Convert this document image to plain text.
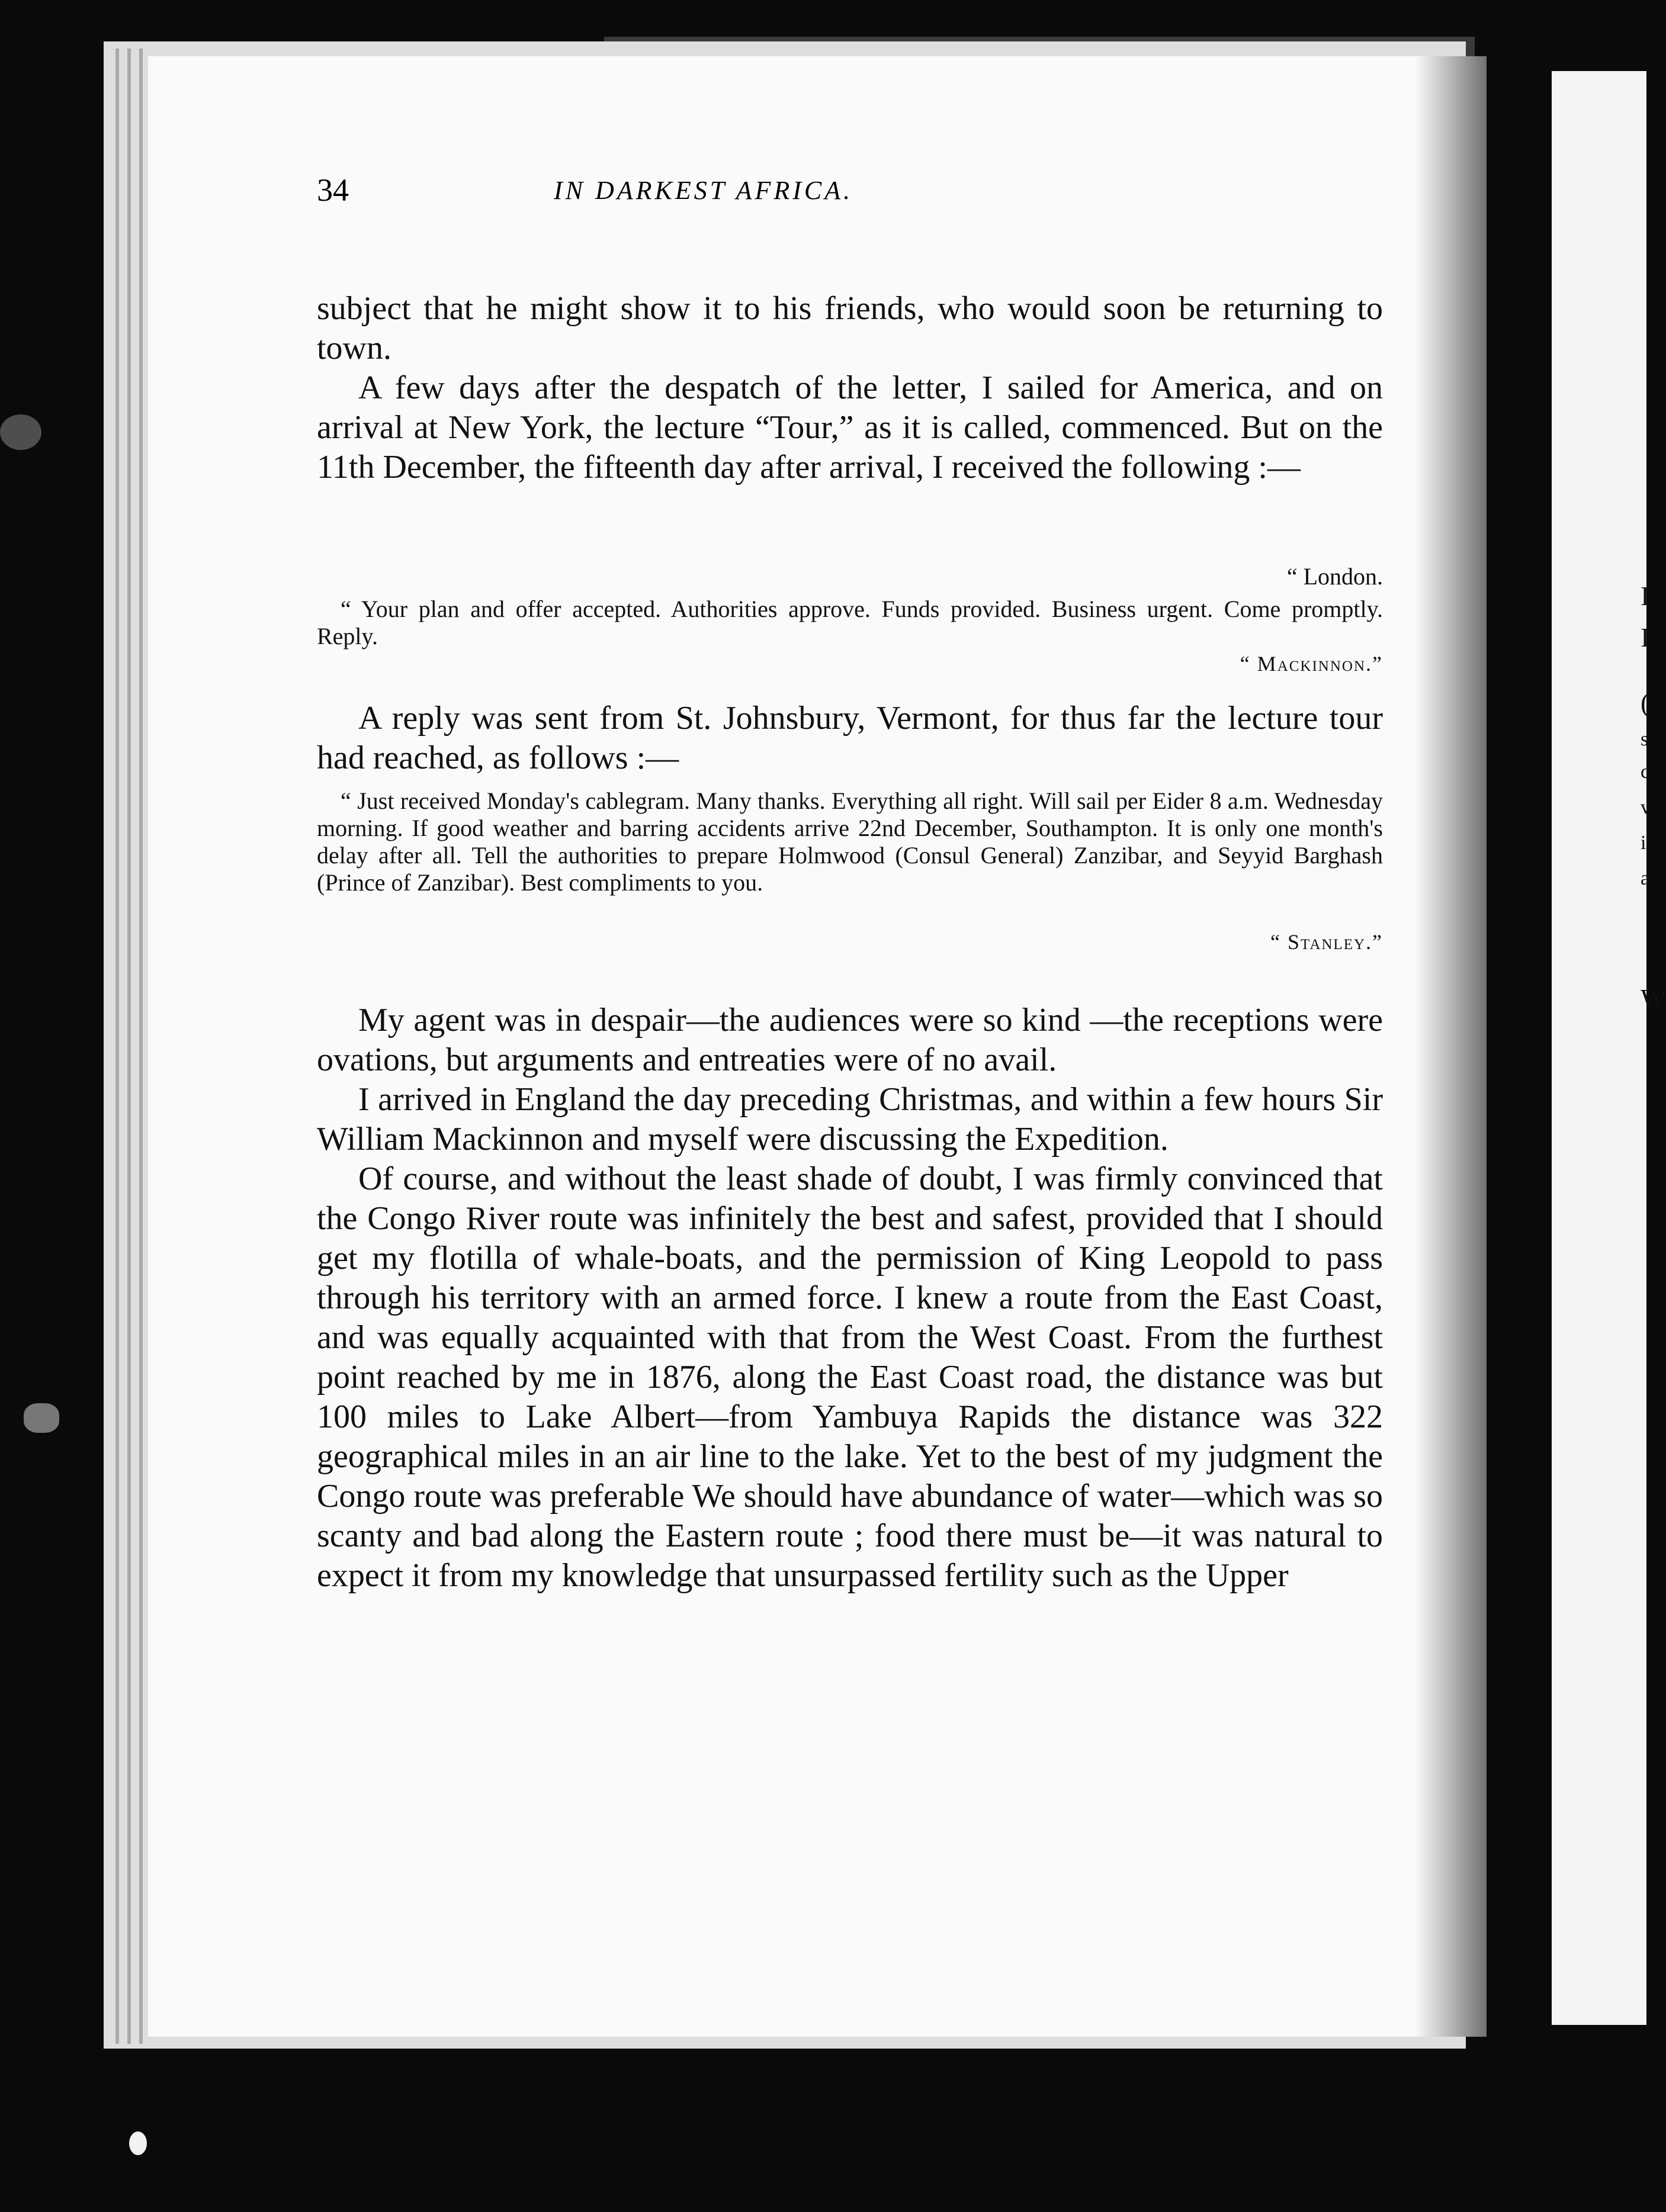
I
I
(
s
c
v
i
a
W
34	IN DARKEST AFRICA.

subject that he might show it to his friends, who would soon be returning to town.

A few days after the despatch of the letter, I sailed for America, and on arrival at New York, the lecture “Tour,” as it is called, commenced. But on the 11th December, the fifteenth day after arrival, I received the following :—

“ London.

“ Your plan and offer accepted. Authorities approve. Funds provided. Business urgent. Come promptly. Reply.

“ Mackinnon.”

A reply was sent from St. Johnsbury, Vermont, for thus far the lecture tour had reached, as follows :—

“ Just received Monday's cablegram. Many thanks. Everything all right. Will sail per Eider 8 a.m. Wednesday morning. If good weather and barring accidents arrive 22nd December, Southampton. It is only one month's delay after all. Tell the authorities to prepare Holmwood (Consul General) Zanzibar, and Seyyid Barghash (Prince of Zanzibar). Best compliments to you.

“ Stanley.”

My agent was in despair—the audiences were so kind —the receptions were ovations, but arguments and entreaties were of no avail.

I arrived in England the day preceding Christmas, and within a few hours Sir William Mackinnon and myself were discussing the Expedition.

Of course, and without the least shade of doubt, I was firmly convinced that the Congo River route was infinitely the best and safest, provided that I should get my flotilla of whale-boats, and the permission of King Leopold to pass through his territory with an armed force. I knew a route from the East Coast, and was equally acquainted with that from the West Coast. From the furthest point reached by me in 1876, along the East Coast road, the distance was but 100 miles to Lake Albert—from Yambuya Rapids the distance was 322 geographical miles in an air line to the lake. Yet to the best of my judgment the Congo route was preferable We should have abundance of water—which was so scanty and bad along the Eastern route ; food there must be—it was natural to expect it from my knowledge that unsurpassed fertility such as the Upper
